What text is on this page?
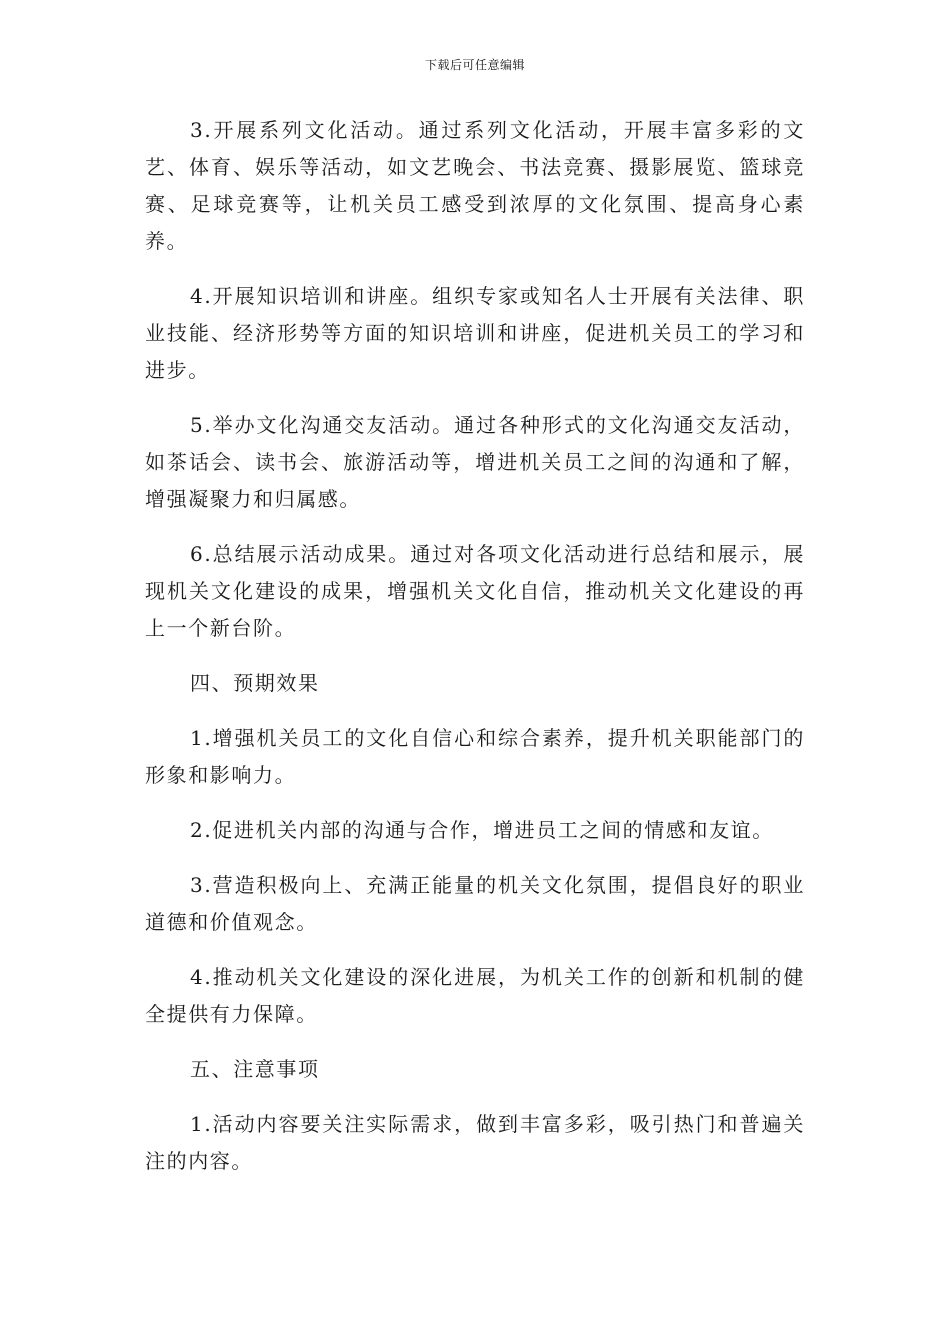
下载后可任意编辑

3.开展系列文化活动。通过系列文化活动，开展丰富多彩的文艺、体育、娱乐等活动，如文艺晚会、书法竞赛、摄影展览、篮球竞赛、足球竞赛等，让机关员工感受到浓厚的文化氛围、提高身心素养。

4.开展知识培训和讲座。组织专家或知名人士开展有关法律、职业技能、经济形势等方面的知识培训和讲座，促进机关员工的学习和进步。

5.举办文化沟通交友活动。通过各种形式的文化沟通交友活动，如茶话会、读书会、旅游活动等，增进机关员工之间的沟通和了解，增强凝聚力和归属感。

6.总结展示活动成果。通过对各项文化活动进行总结和展示，展现机关文化建设的成果，增强机关文化自信，推动机关文化建设的再上一个新台阶。

四、预期效果

1.增强机关员工的文化自信心和综合素养，提升机关职能部门的形象和影响力。

2.促进机关内部的沟通与合作，增进员工之间的情感和友谊。

3.营造积极向上、充满正能量的机关文化氛围，提倡良好的职业道德和价值观念。

4.推动机关文化建设的深化进展，为机关工作的创新和机制的健全提供有力保障。

五、注意事项

1.活动内容要关注实际需求，做到丰富多彩，吸引热门和普遍关注的内容。
